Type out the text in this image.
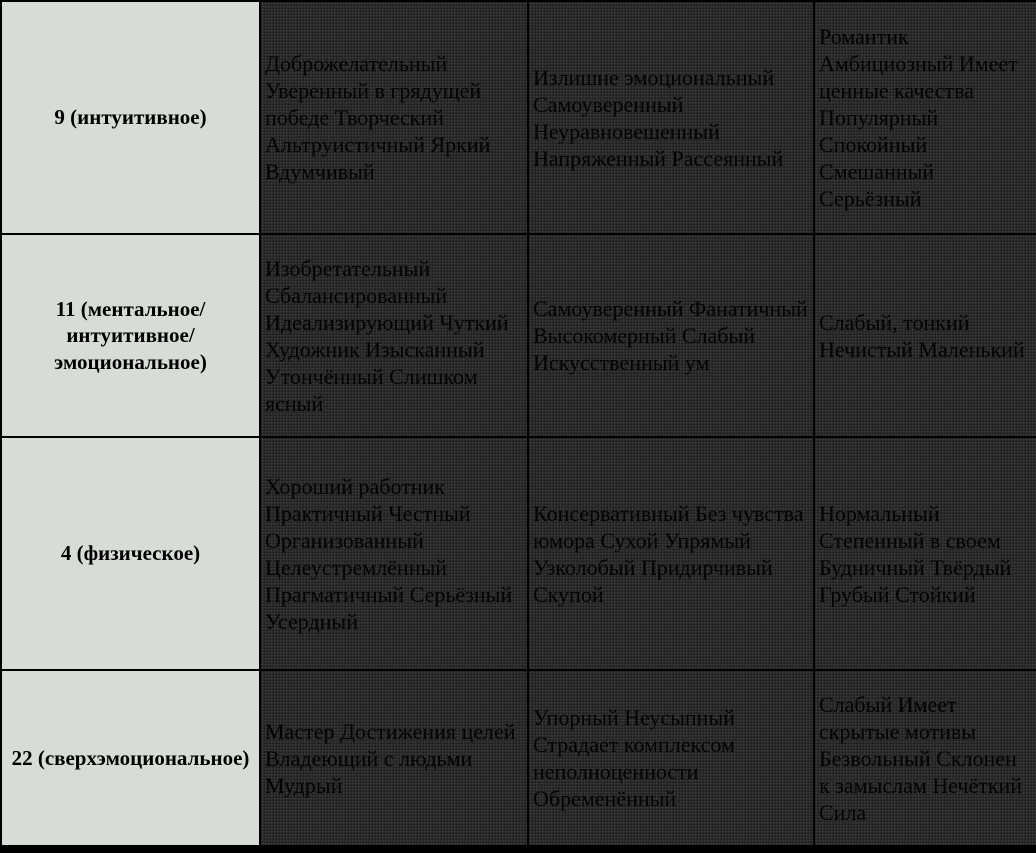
9 (интуитивное)	Доброжелательный Уверенный в грядущей победе Творческий Альтруистичный Яркий Вдумчивый	Излишне эмоциональный Самоуверенный Неуравновешенный Напряженный Рассеянный	Романтик Амбициозный Имеет ценные качества Популярный Спокойный Смешанный Серьёзный

11 (ментальное/ интуитивное/ эмоциональное)	Изобретательный Сбалансированный Идеализирующий Чуткий Художник Изысканный Утончённый Слишком ясный	Самоуверенный Фанатичный Высокомерный Слабый Искусственный ум	Слабый, тонкий Нечистый Маленький

4 (физическое)	Хороший работник Практичный Честный Организованный Целеустремлённый Прагматичный Серьёзный Усердный	Консервативный Без чувства юмора Сухой Упрямый Узколобый Придирчивый Скупой	Нормальный Степенный в своем Будничный Твёрдый Грубый Стойкий

22 (сверхэмоциональное)	Мастер Достижения целей Владеющий с людьми Мудрый	Упорный Неусыпный Страдает комплексом неполноценности Обременённый	Слабый Имеет скрытые мотивы Безвольный Склонен к замыслам Нечёткий Сила
